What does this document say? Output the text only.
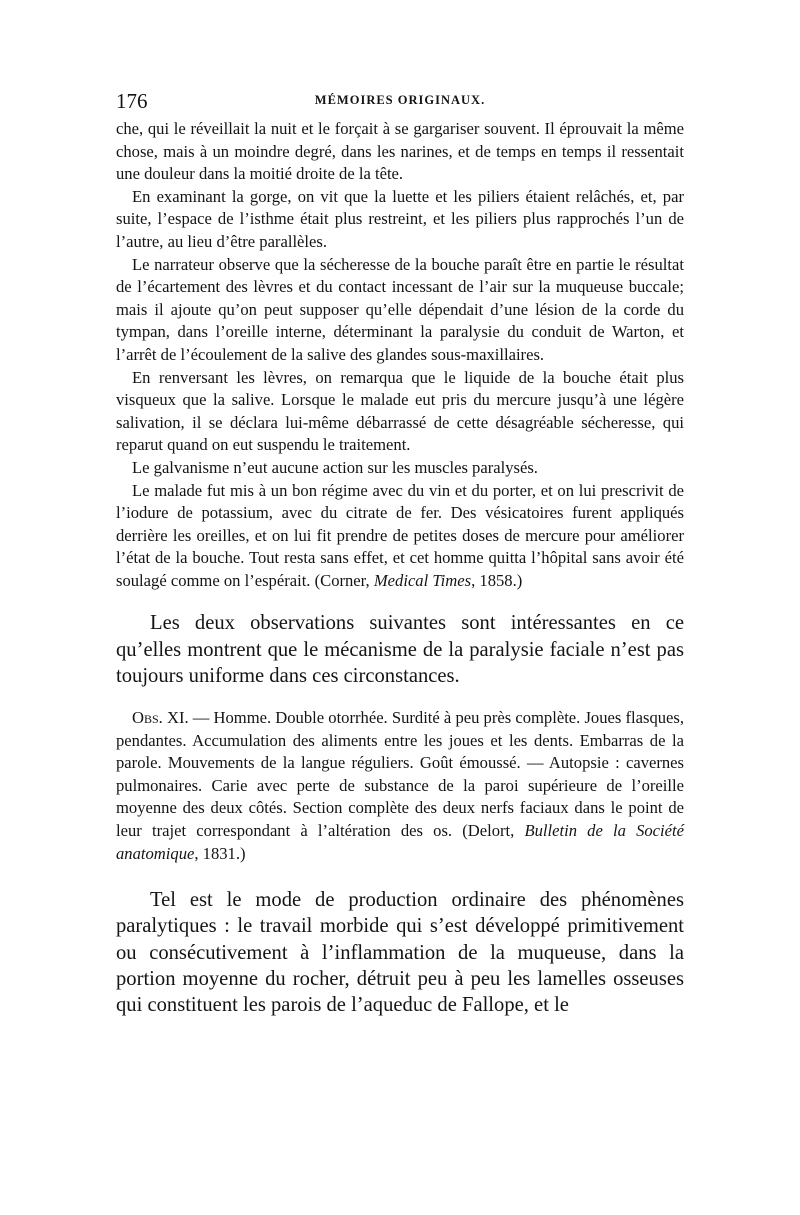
176	MÉMOIRES ORIGINAUX.

che, qui le réveillait la nuit et le forçait à se gargariser souvent. Il éprouvait la même chose, mais à un moindre degré, dans les narines, et de temps en temps il ressentait une douleur dans la moitié droite de la tête.

En examinant la gorge, on vit que la luette et les piliers étaient relâchés, et, par suite, l’espace de l’isthme était plus restreint, et les piliers plus rapprochés l’un de l’autre, au lieu d’être parallèles.

Le narrateur observe que la sécheresse de la bouche paraît être en partie le résultat de l’écartement des lèvres et du contact incessant de l’air sur la muqueuse buccale; mais il ajoute qu’on peut supposer qu’elle dépendait d’une lésion de la corde du tympan, dans l’oreille interne, déterminant la paralysie du conduit de Warton, et l’arrêt de l’écoulement de la salive des glandes sous-maxillaires.

En renversant les lèvres, on remarqua que le liquide de la bouche était plus visqueux que la salive. Lorsque le malade eut pris du mercure jusqu’à une légère salivation, il se déclara lui-même débarrassé de cette désagréable sécheresse, qui reparut quand on eut suspendu le traitement.

Le galvanisme n’eut aucune action sur les muscles paralysés.

Le malade fut mis à un bon régime avec du vin et du porter, et on lui prescrivit de l’iodure de potassium, avec du citrate de fer. Des vésicatoires furent appliqués derrière les oreilles, et on lui fit prendre de petites doses de mercure pour améliorer l’état de la bouche. Tout resta sans effet, et cet homme quitta l’hôpital sans avoir été soulagé comme on l’espérait. (Corner, Medical Times, 1858.)

Les deux observations suivantes sont intéressantes en ce qu’elles montrent que le mécanisme de la paralysie faciale n’est pas toujours uniforme dans ces circonstances.

Obs. XI. — Homme. Double otorrhée. Surdité à peu près complète. Joues flasques, pendantes. Accumulation des aliments entre les joues et les dents. Embarras de la parole. Mouvements de la langue réguliers. Goût émoussé. — Autopsie : cavernes pulmonaires. Carie avec perte de substance de la paroi supérieure de l’oreille moyenne des deux côtés. Section complète des deux nerfs faciaux dans le point de leur trajet correspondant à l’altération des os. (Delort, Bulletin de la Société anatomique, 1831.)

Tel est le mode de production ordinaire des phénomènes paralytiques : le travail morbide qui s’est développé primitivement ou consécutivement à l’inflammation de la muqueuse, dans la portion moyenne du rocher, détruit peu à peu les lamelles osseuses qui constituent les parois de l’aqueduc de Fallope, et le
